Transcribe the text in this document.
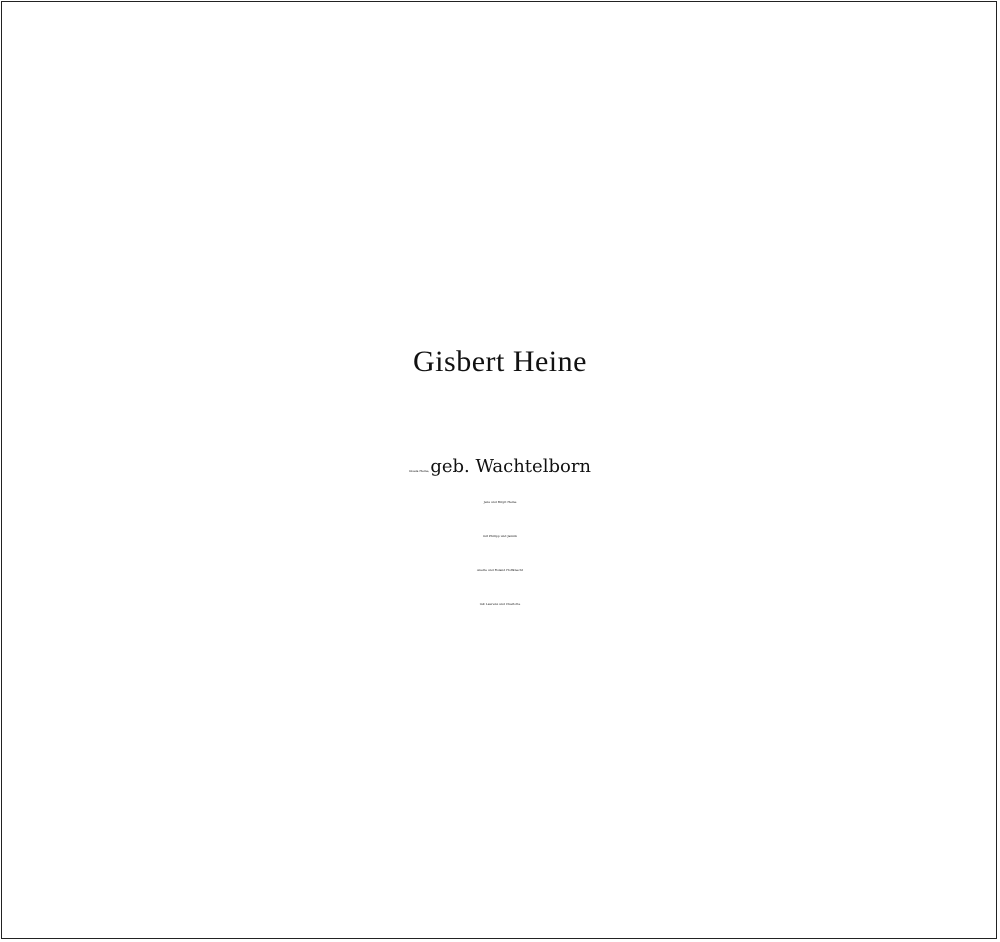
Gisbert Heine
Gisela Heine, geb. Wachtelborn
Jens und Birgit Heine
mit Philipp und Jannik
Anette und Roland Hoffknecht
mit Laurenz und Charlotte
